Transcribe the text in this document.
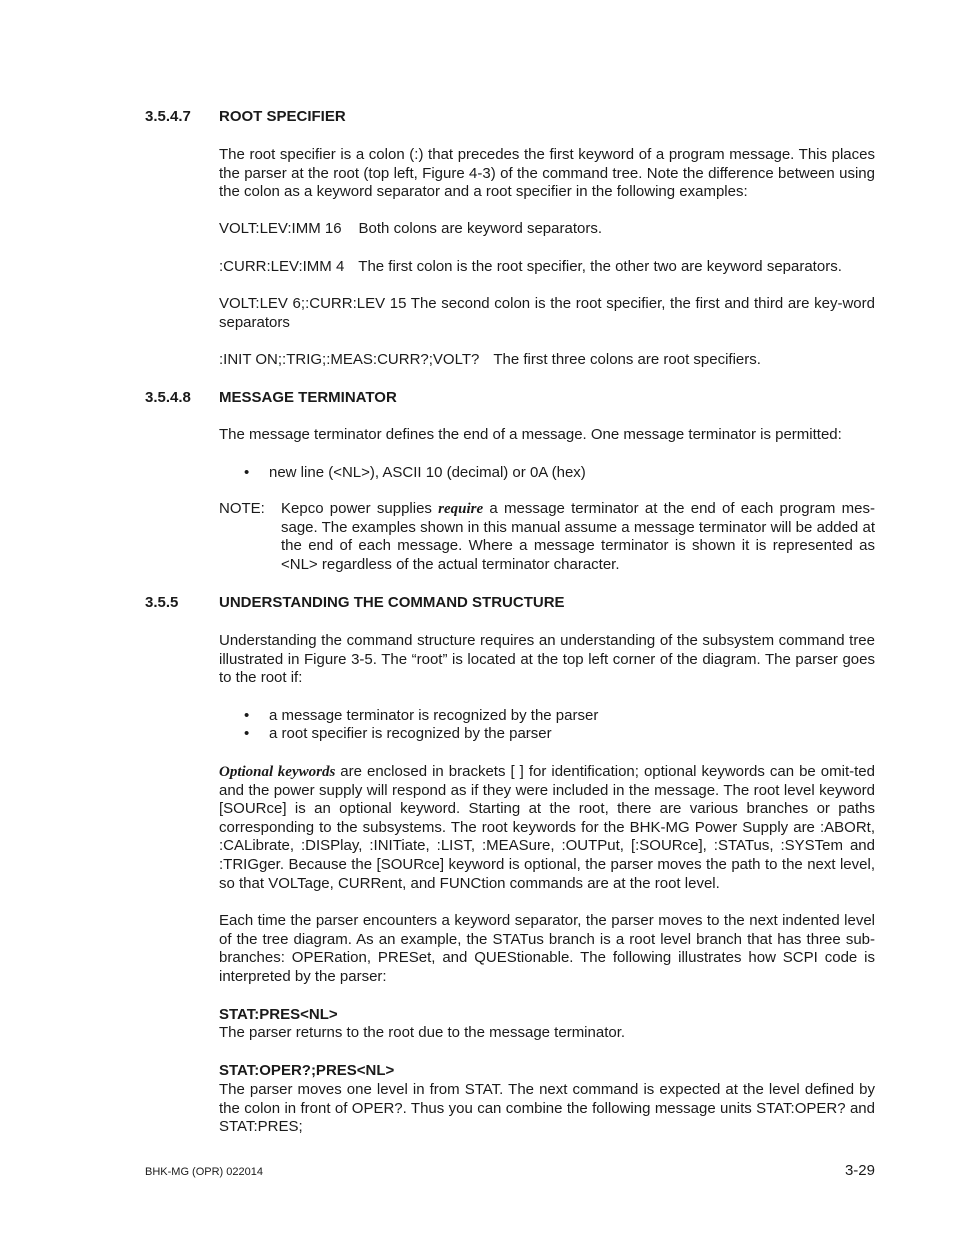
3.5.4.7 ROOT SPECIFIER
The root specifier is a colon (:) that precedes the first keyword of a program message. This places the parser at the root (top left, Figure 4-3) of the command tree. Note the difference between using the colon as a keyword separator and a root specifier in the following examples:
VOLT:LEV:IMM 16 Both colons are keyword separators.
:CURR:LEV:IMM 4 The first colon is the root specifier, the other two are keyword separators.
VOLT:LEV 6;:CURR:LEV 15 The second colon is the root specifier, the first and third are key-word separators
:INIT ON;:TRIG;:MEAS:CURR?;VOLT? The first three colons are root specifiers.
3.5.4.8 MESSAGE TERMINATOR
The message terminator defines the end of a message. One message terminator is permitted:
• new line (<NL>), ASCII 10 (decimal) or 0A (hex)
NOTE: Kepco power supplies require a message terminator at the end of each program mes-sage. The examples shown in this manual assume a message terminator will be added at the end of each message. Where a message terminator is shown it is represented as <NL> regardless of the actual terminator character.
3.5.5	UNDERSTANDING THE COMMAND STRUCTURE
Understanding the command structure requires an understanding of the subsystem command tree illustrated in Figure 3-5. The “root” is located at the top left corner of the diagram. The parser goes to the root if:
• a message terminator is recognized by the parser
• a root specifier is recognized by the parser
Optional keywords are enclosed in brackets [ ] for identification; optional keywords can be omit-ted and the power supply will respond as if they were included in the message. The root level keyword [SOURce] is an optional keyword. Starting at the root, there are various branches or paths corresponding to the subsystems. The root keywords for the BHK-MG Power Supply are :ABORt, :CALibrate, :DISPlay, :INITiate, :LIST, :MEASure, :OUTPut, [:SOURce], :STATus, :SYSTem and :TRIGger. Because the [SOURce] keyword is optional, the parser moves the path to the next level, so that VOLTage, CURRent, and FUNCtion commands are at the root level.
Each time the parser encounters a keyword separator, the parser moves to the next indented level of the tree diagram. As an example, the STATus branch is a root level branch that has three sub-branches: OPERation, PRESet, and QUEStionable. The following illustrates how SCPI code is interpreted by the parser:
STAT:PRES<NL>
The parser returns to the root due to the message terminator.
STAT:OPER?;PRES<NL>
The parser moves one level in from STAT. The next command is expected at the level defined by the colon in front of OPER?. Thus you can combine the following message units STAT:OPER? and STAT:PRES;
BHK-MG (OPR) 022014	3-29
